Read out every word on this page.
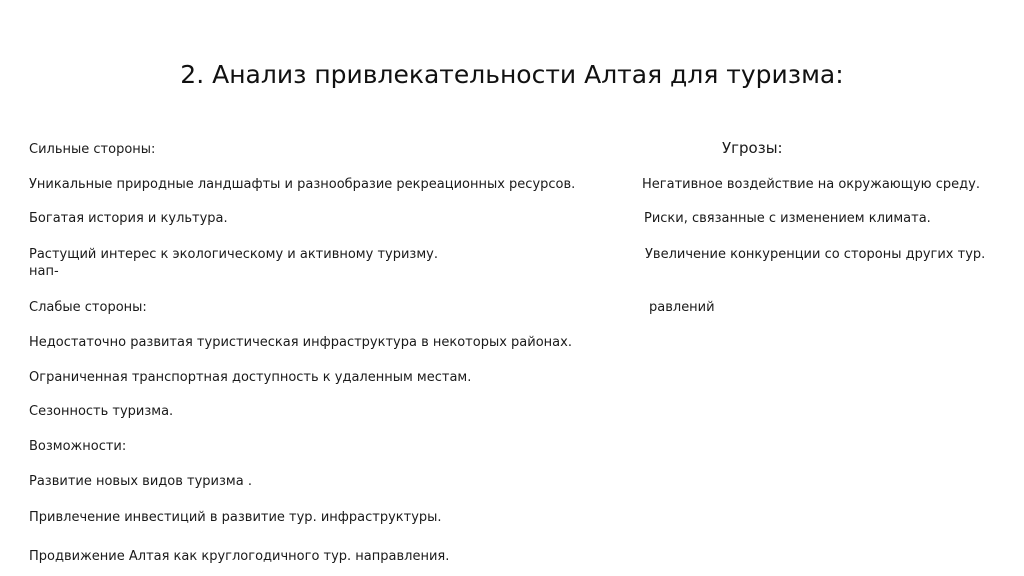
2. Анализ привлекательности Алтая для туризма:
Сильные стороны:
Уникальные природные ландшафты и разнообразие рекреационных ресурсов.
Богатая история и культура.
Растущий интерес к экологическому и активному туризму.
нап-
Слабые стороны:
Недостаточно развитая туристическая инфраструктура в некоторых районах.
Ограниченная транспортная доступность к удаленным местам.
Сезонность туризма.
Возможности:
Развитие новых видов туризма .
Привлечение инвестиций в развитие тур. инфраструктуры.
Продвижение Алтая как круглогодичного тур. направления.
Угрозы:
Негативное воздействие на окружающую среду.
Риски, связанные с изменением климата.
Увеличение конкуренции со стороны других тур.
равлений
